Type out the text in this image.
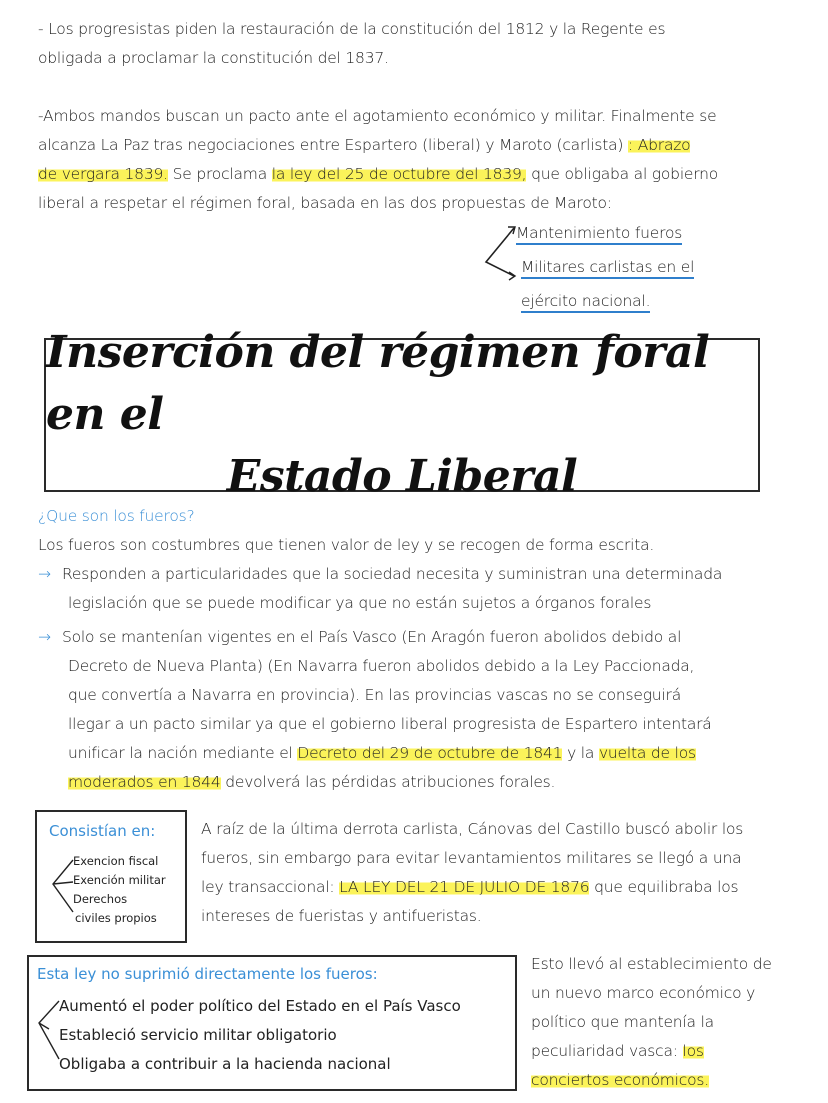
- Los progresistas piden la restauración de la constitución del 1812 y la Regente es
obligada a proclamar la constitución del 1837.
-Ambos mandos buscan un pacto ante el agotamiento económico y militar. Finalmente se
alcanza La Paz tras negociaciones entre Espartero (liberal) y Maroto (carlista) : Abrazo
de vergara 1839. Se proclama la ley del 25 de octubre del 1839, que obligaba al gobierno
liberal a respetar el régimen foral, basada en las dos propuestas de Maroto:
Mantenimiento fueros
Militares carlistas en el
ejército nacional.
Inserción del régimen foral en el
Estado Liberal
¿Que son los fueros?
Los fueros son costumbres que tienen valor de ley y se recogen de forma escrita.
→ Responden a particularidades que la sociedad necesita y suministran una determinada
legislación que se puede modificar ya que no están sujetos a órganos forales
→ Solo se mantenían vigentes en el País Vasco (En Aragón fueron abolidos debido al
Decreto de Nueva Planta) (En Navarra fueron abolidos debido a la Ley Paccionada,
que convertía a Navarra en provincia). En las provincias vascas no se conseguirá
llegar a un pacto similar ya que el gobierno liberal progresista de Espartero intentará
unificar la nación mediante el Decreto del 29 de octubre de 1841 y la vuelta de los
moderados en 1844 devolverá las pérdidas atribuciones forales.
Consistían en:
Exencion fiscal
Exención militar
Derechos
civiles propios
A raíz de la última derrota carlista, Cánovas del Castillo buscó abolir los
fueros, sin embargo para evitar levantamientos militares se llegó a una
ley transaccional: LA LEY DEL 21 DE JULIO DE 1876 que equilibraba los
intereses de fueristas y antifueristas.
Esta ley no suprimió directamente los fueros:
Aumentó el poder político del Estado en el País Vasco
Estableció servicio militar obligatorio
Obligaba a contribuir a la hacienda nacional
Esto llevó al establecimiento de
un nuevo marco económico y
político que mantenía la
peculiaridad vasca: los
conciertos económicos.
